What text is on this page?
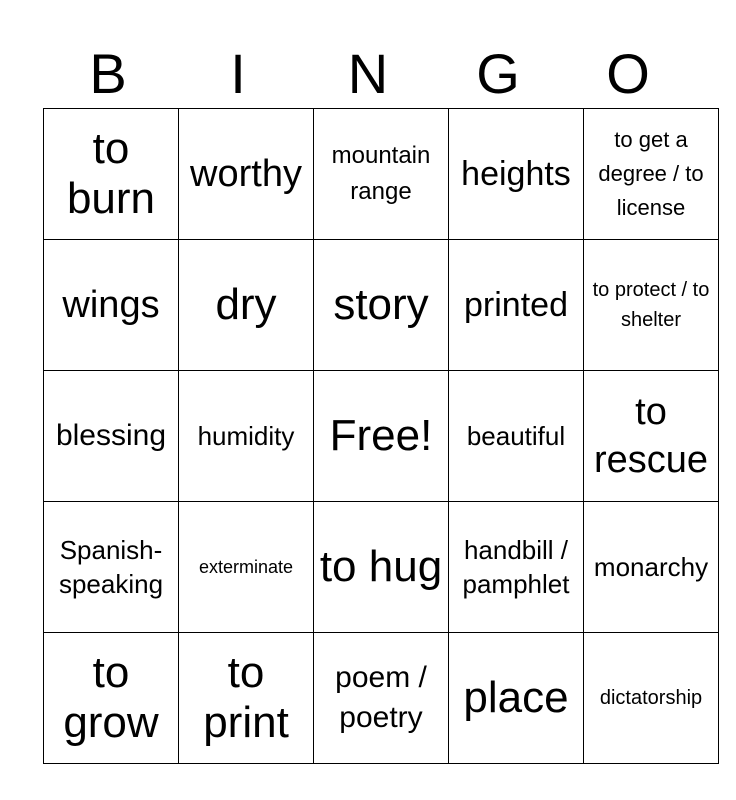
B	I	N	G	O
to burn	worthy	mountain range	heights	to get a degree / to license
wings	dry	story	printed	to protect / to shelter
blessing	humidity	Free!	beautiful	to rescue
Spanish-speaking	exterminate	to hug	handbill / pamphlet	monarchy
to grow	to print	poem / poetry	place	dictatorship
